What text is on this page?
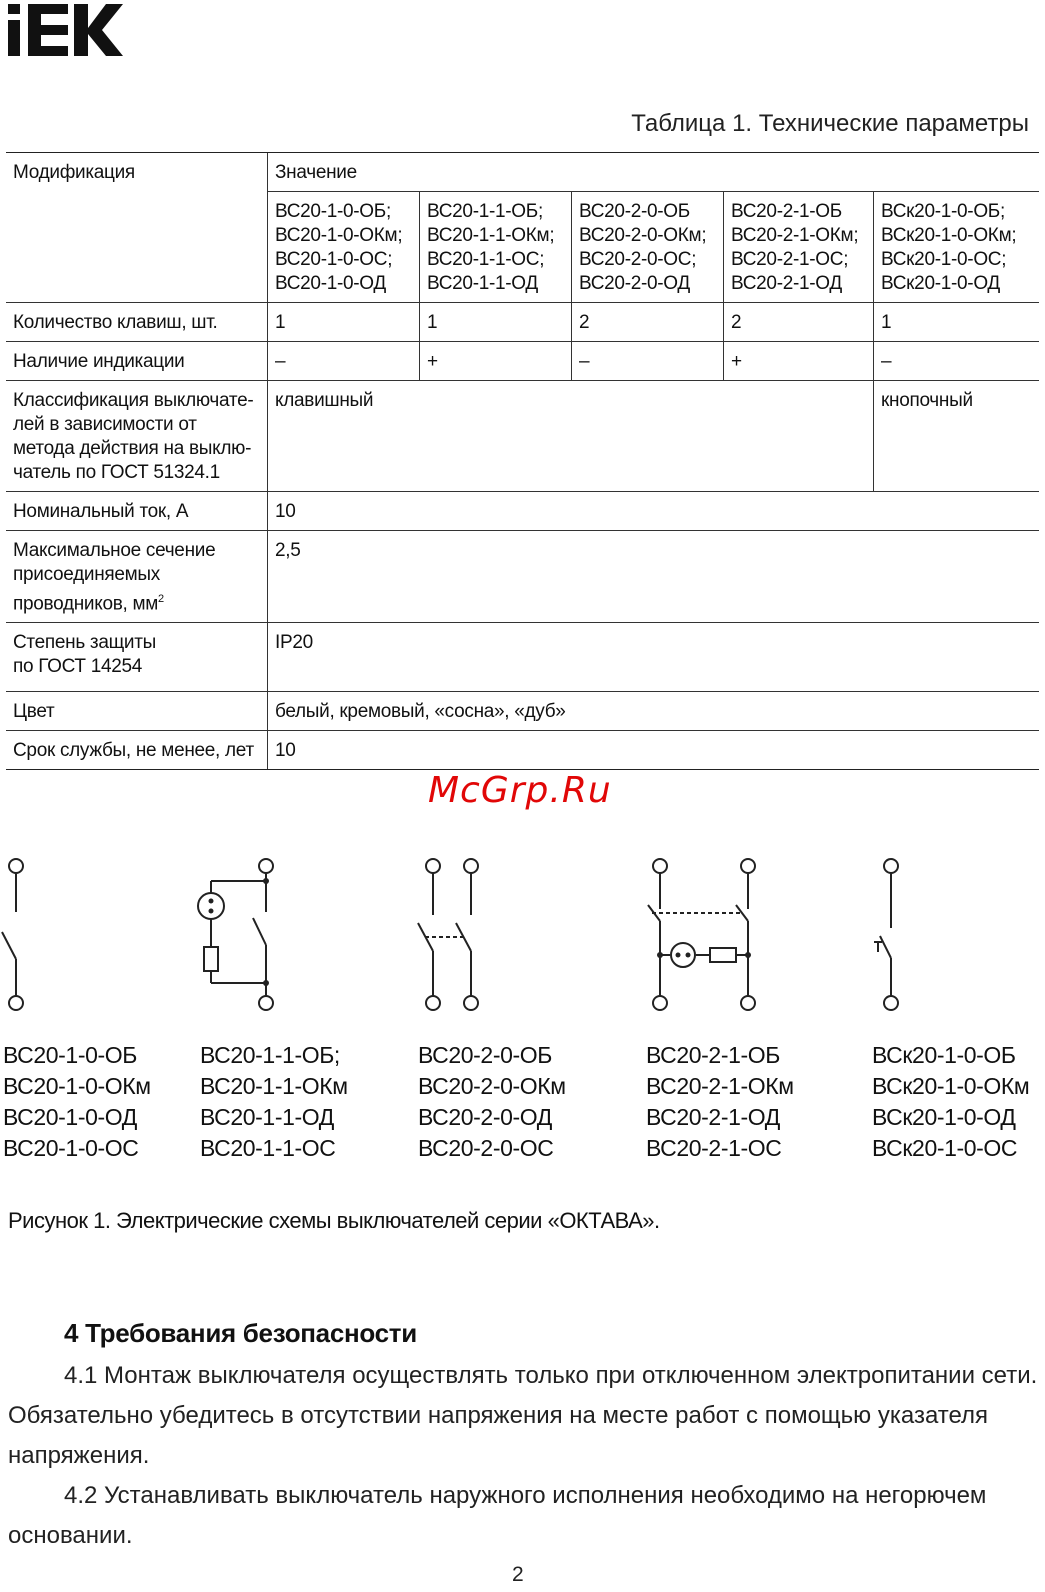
Таблица 1. Технические параметры
Модификация	Значение				
	ВС20-1-0-ОБ;
ВС20-1-0-ОКм;
ВС20-1-0-ОС;
ВС20-1-0-ОД	ВС20-1-1-ОБ;
ВС20-1-1-ОКм;
ВС20-1-1-ОС;
ВС20-1-1-ОД	ВС20-2-0-ОБ
ВС20-2-0-ОКм;
ВС20-2-0-ОС;
ВС20-2-0-ОД	ВС20-2-1-ОБ
ВС20-2-1-ОКм;
ВС20-2-1-ОС;
ВС20-2-1-ОД	ВСк20-1-0-ОБ;
ВСк20-1-0-ОКм;
ВСк20-1-0-ОС;
ВСк20-1-0-ОД
Количество клавиш, шт.	1	1	2	2	1
Наличие индикации	–	+	–	+	–
Классификация выключате-
лей в зависимости от
метода действия на выклю-
чатель по ГОСТ 51324.1	клавишный				кнопочный
Номинальный ток, А	10				
Максимальное сечение
присоединяемых
проводников, $мм^2$	2,5				
Степень защиты
по ГОСТ 14254	IP20				
Цвет	белый, кремовый, «сосна», «дуб»				
Срок службы, не менее, лет	10				
McGrp.Ru
ВС20-1-0-ОБ
ВС20-1-0-ОКм
ВС20-1-0-ОД
ВС20-1-0-ОС
ВС20-1-1-ОБ;
ВС20-1-1-ОКм
ВС20-1-1-ОД
ВС20-1-1-ОС
ВС20-2-0-ОБ
ВС20-2-0-ОКм
ВС20-2-0-ОД
ВС20-2-0-ОС
ВС20-2-1-ОБ
ВС20-2-1-ОКм
ВС20-2-1-ОД
ВС20-2-1-ОС
ВСк20-1-0-ОБ
ВСк20-1-0-ОКм
ВСк20-1-0-ОД
ВСк20-1-0-ОС
Рисунок 1. Электрические схемы выключателей серии «ОКТАВА».
4 Требования безопасности

4.1 Монтаж выключателя осуществлять только при отключенном электропитании сети. Обязательно убедитесь в отсутствии напряжения на месте работ с помощью указателя напряжения.

4.2 Устанавливать выключатель наружного исполнения необходимо на негорючем основании.

2
